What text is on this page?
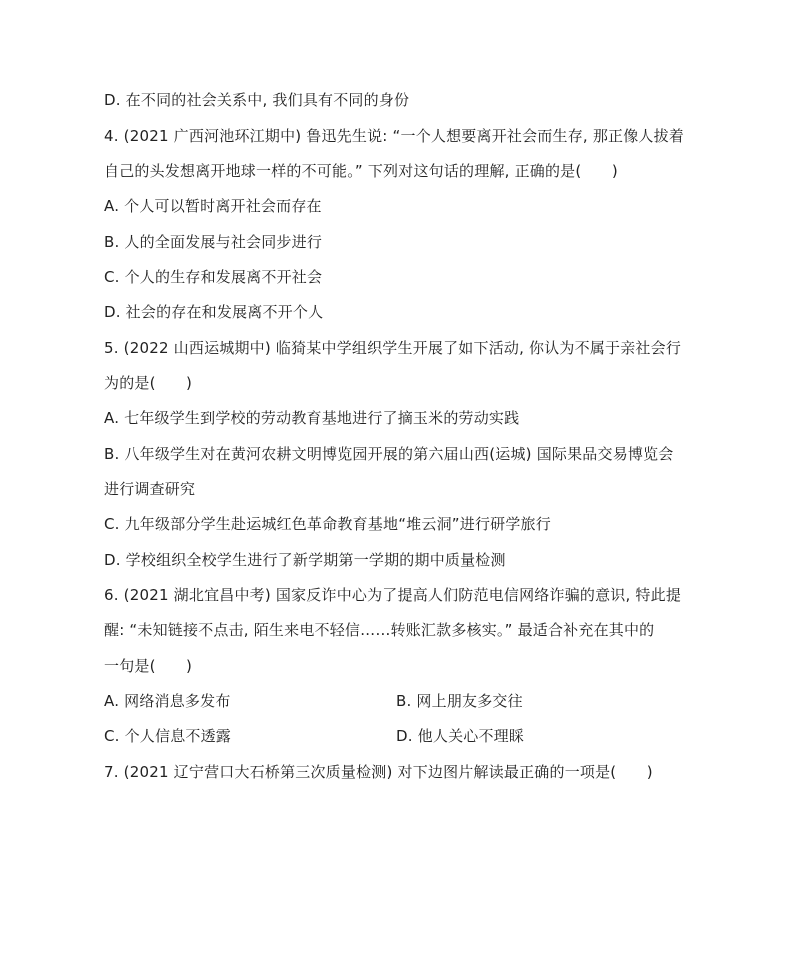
D. 在不同的社会关系中, 我们具有不同的身份
4. (2021 广西河池环江期中) 鲁迅先生说: “一个人想要离开社会而生存, 那正像人拔着
自己的头发想离开地球一样的不可能。” 下列对这句话的理解, 正确的是(　　)
A. 个人可以暂时离开社会而存在
B. 人的全面发展与社会同步进行
C. 个人的生存和发展离不开社会
D. 社会的存在和发展离不开个人
5. (2022 山西运城期中) 临猗某中学组织学生开展了如下活动, 你认为不属于亲社会行
为的是(　　)
A. 七年级学生到学校的劳动教育基地进行了摘玉米的劳动实践
B. 八年级学生对在黄河农耕文明博览园开展的第六届山西(运城) 国际果品交易博览会
进行调查研究
C. 九年级部分学生赴运城红色革命教育基地“堆云洞”进行研学旅行
D. 学校组织全校学生进行了新学期第一学期的期中质量检测
6. (2021 湖北宜昌中考) 国家反诈中心为了提高人们防范电信网络诈骗的意识, 特此提
醒: “未知链接不点击, 陌生来电不轻信……转账汇款多核实。” 最适合补充在其中的
一句是(　　)
A. 网络消息多发布	B. 网上朋友多交往
C. 个人信息不透露	D. 他人关心不理睬
7. (2021 辽宁营口大石桥第三次质量检测) 对下边图片解读最正确的一项是(　　)
